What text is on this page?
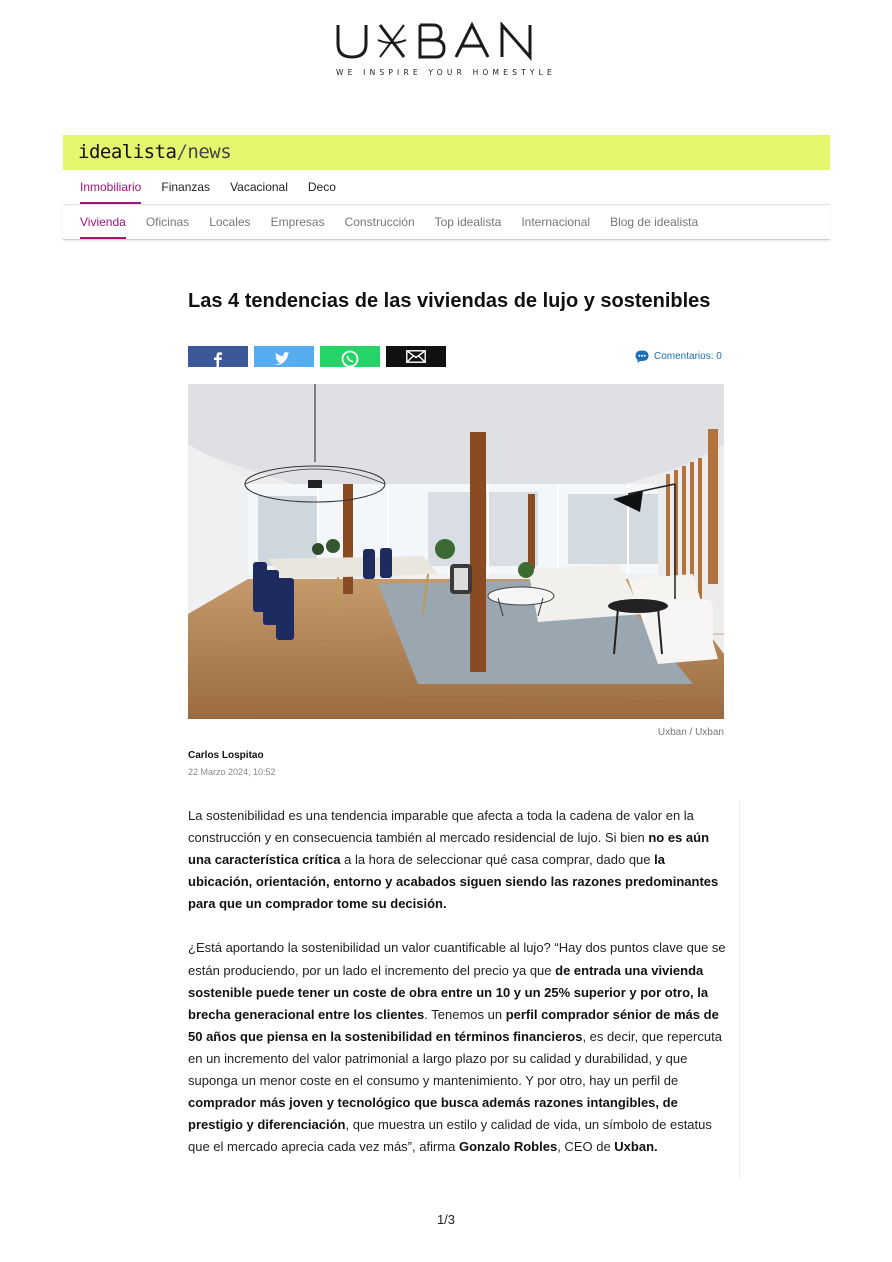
WE INSPIRE YOUR HOMESTYLE
idealista/news
Inmobiliario Finanzas Vacacional Deco
Vivienda Oficinas Locales Empresas Construcción Top idealista Internacional Blog de idealista
Las 4 tendencias de las viviendas de lujo y sostenibles
Comentarios: 0
Uxban / Uxban
Carlos Lospitao
22 Marzo 2024, 10:52

La sostenibilidad es una tendencia imparable que afecta a toda la cadena de valor en la construcción y en consecuencia también al mercado residencial de lujo. Si bien no es aún una característica crítica a la hora de seleccionar qué casa comprar, dado que la ubicación, orientación, entorno y acabados siguen siendo las razones predominantes para que un comprador tome su decisión.

¿Está aportando la sostenibilidad un valor cuantificable al lujo? “Hay dos puntos clave que se están produciendo, por un lado el incremento del precio ya que de entrada una vivienda sostenible puede tener un coste de obra entre un 10 y un 25% superior y por otro, la brecha generacional entre los clientes. Tenemos un perfil comprador sénior de más de 50 años que piensa en la sostenibilidad en términos financieros, es decir, que repercuta en un incremento del valor patrimonial a largo plazo por su calidad y durabilidad, y que suponga un menor coste en el consumo y mantenimiento. Y por otro, hay un perfil de comprador más joven y tecnológico que busca además razones intangibles, de prestigio y diferenciación, que muestra un estilo y calidad de vida, un símbolo de estatus que el mercado aprecia cada vez más”, afirma Gonzalo Robles, CEO de Uxban.

1/3
